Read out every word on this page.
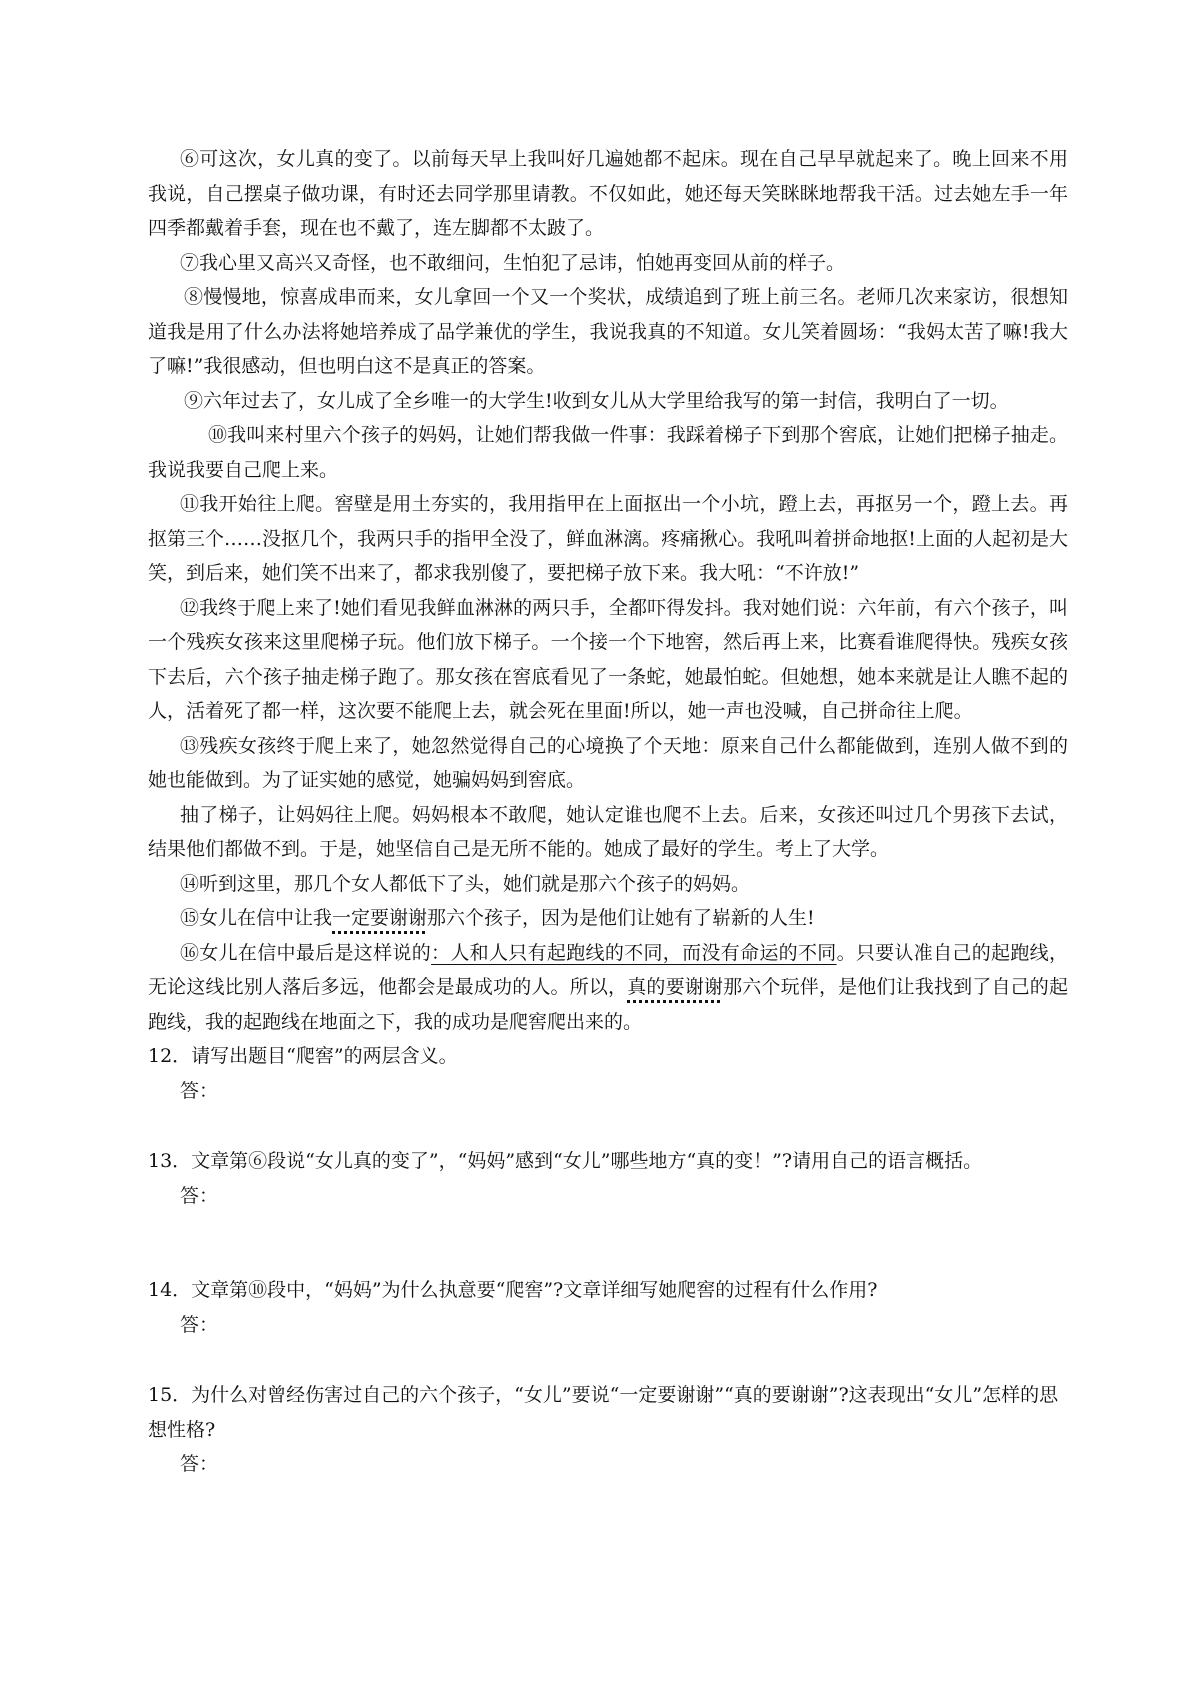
⑥可这次，女儿真的变了。以前每天早上我叫好几遍她都不起床。现在自己早早就起来了。晚上回来不用我说，自己摆桌子做功课，有时还去同学那里请教。不仅如此，她还每天笑眯眯地帮我干活。过去她左手一年四季都戴着手套，现在也不戴了，连左脚都不太跛了。

⑦我心里又高兴又奇怪，也不敢细问，生怕犯了忌讳，怕她再变回从前的样子。

⑧慢慢地，惊喜成串而来，女儿拿回一个又一个奖状，成绩追到了班上前三名。老师几次来家访，很想知道我是用了什么办法将她培养成了品学兼优的学生，我说我真的不知道。女儿笑着圆场：“我妈太苦了嘛!我大了嘛!”我很感动，但也明白这不是真正的答案。

⑨六年过去了，女儿成了全乡唯一的大学生!收到女儿从大学里给我写的第一封信，我明白了一切。

⑩我叫来村里六个孩子的妈妈，让她们帮我做一件事：我踩着梯子下到那个窖底，让她们把梯子抽走。我说我要自己爬上来。

⑪我开始往上爬。窖壁是用土夯实的，我用指甲在上面抠出一个小坑，蹬上去，再抠另一个，蹬上去。再抠第三个……没抠几个，我两只手的指甲全没了，鲜血淋漓。疼痛揪心。我吼叫着拼命地抠!上面的人起初是大笑，到后来，她们笑不出来了，都求我别傻了，要把梯子放下来。我大吼：“不许放!”

⑫我终于爬上来了!她们看见我鲜血淋淋的两只手，全都吓得发抖。我对她们说：六年前，有六个孩子，叫一个残疾女孩来这里爬梯子玩。他们放下梯子。一个接一个下地窖，然后再上来，比赛看谁爬得快。残疾女孩下去后，六个孩子抽走梯子跑了。那女孩在窖底看见了一条蛇，她最怕蛇。但她想，她本来就是让人瞧不起的人，活着死了都一样，这次要不能爬上去，就会死在里面!所以，她一声也没喊，自己拼命往上爬。

⑬残疾女孩终于爬上来了，她忽然觉得自己的心境换了个天地：原来自己什么都能做到，连别人做不到的她也能做到。为了证实她的感觉，她骗妈妈到窖底。

抽了梯子，让妈妈往上爬。妈妈根本不敢爬，她认定谁也爬不上去。后来，女孩还叫过几个男孩下去试，结果他们都做不到。于是，她坚信自己是无所不能的。她成了最好的学生。考上了大学。

⑭听到这里，那几个女人都低下了头，她们就是那六个孩子的妈妈。

⑮女儿在信中让我一定要谢谢那六个孩子，因为是他们让她有了崭新的人生!

⑯女儿在信中最后是这样说的：人和人只有起跑线的不同，而没有命运的不同。只要认准自己的起跑线，无论这线比别人落后多远，他都会是最成功的人。所以，真的要谢谢那六个玩伴，是他们让我找到了自己的起跑线，我的起跑线在地面之下，我的成功是爬窖爬出来的。

12．请写出题目“爬窖”的两层含义。

答：

13．文章第⑥段说“女儿真的变了”，“妈妈”感到“女儿”哪些地方“真的变！”?请用自己的语言概括。

答：

14．文章第⑩段中，“妈妈”为什么执意要“爬窖”?文章详细写她爬窖的过程有什么作用?

答：

15．为什么对曾经伤害过自己的六个孩子，“女儿”要说“一定要谢谢”“真的要谢谢”?这表现出“女儿”怎样的思想性格?

答：
